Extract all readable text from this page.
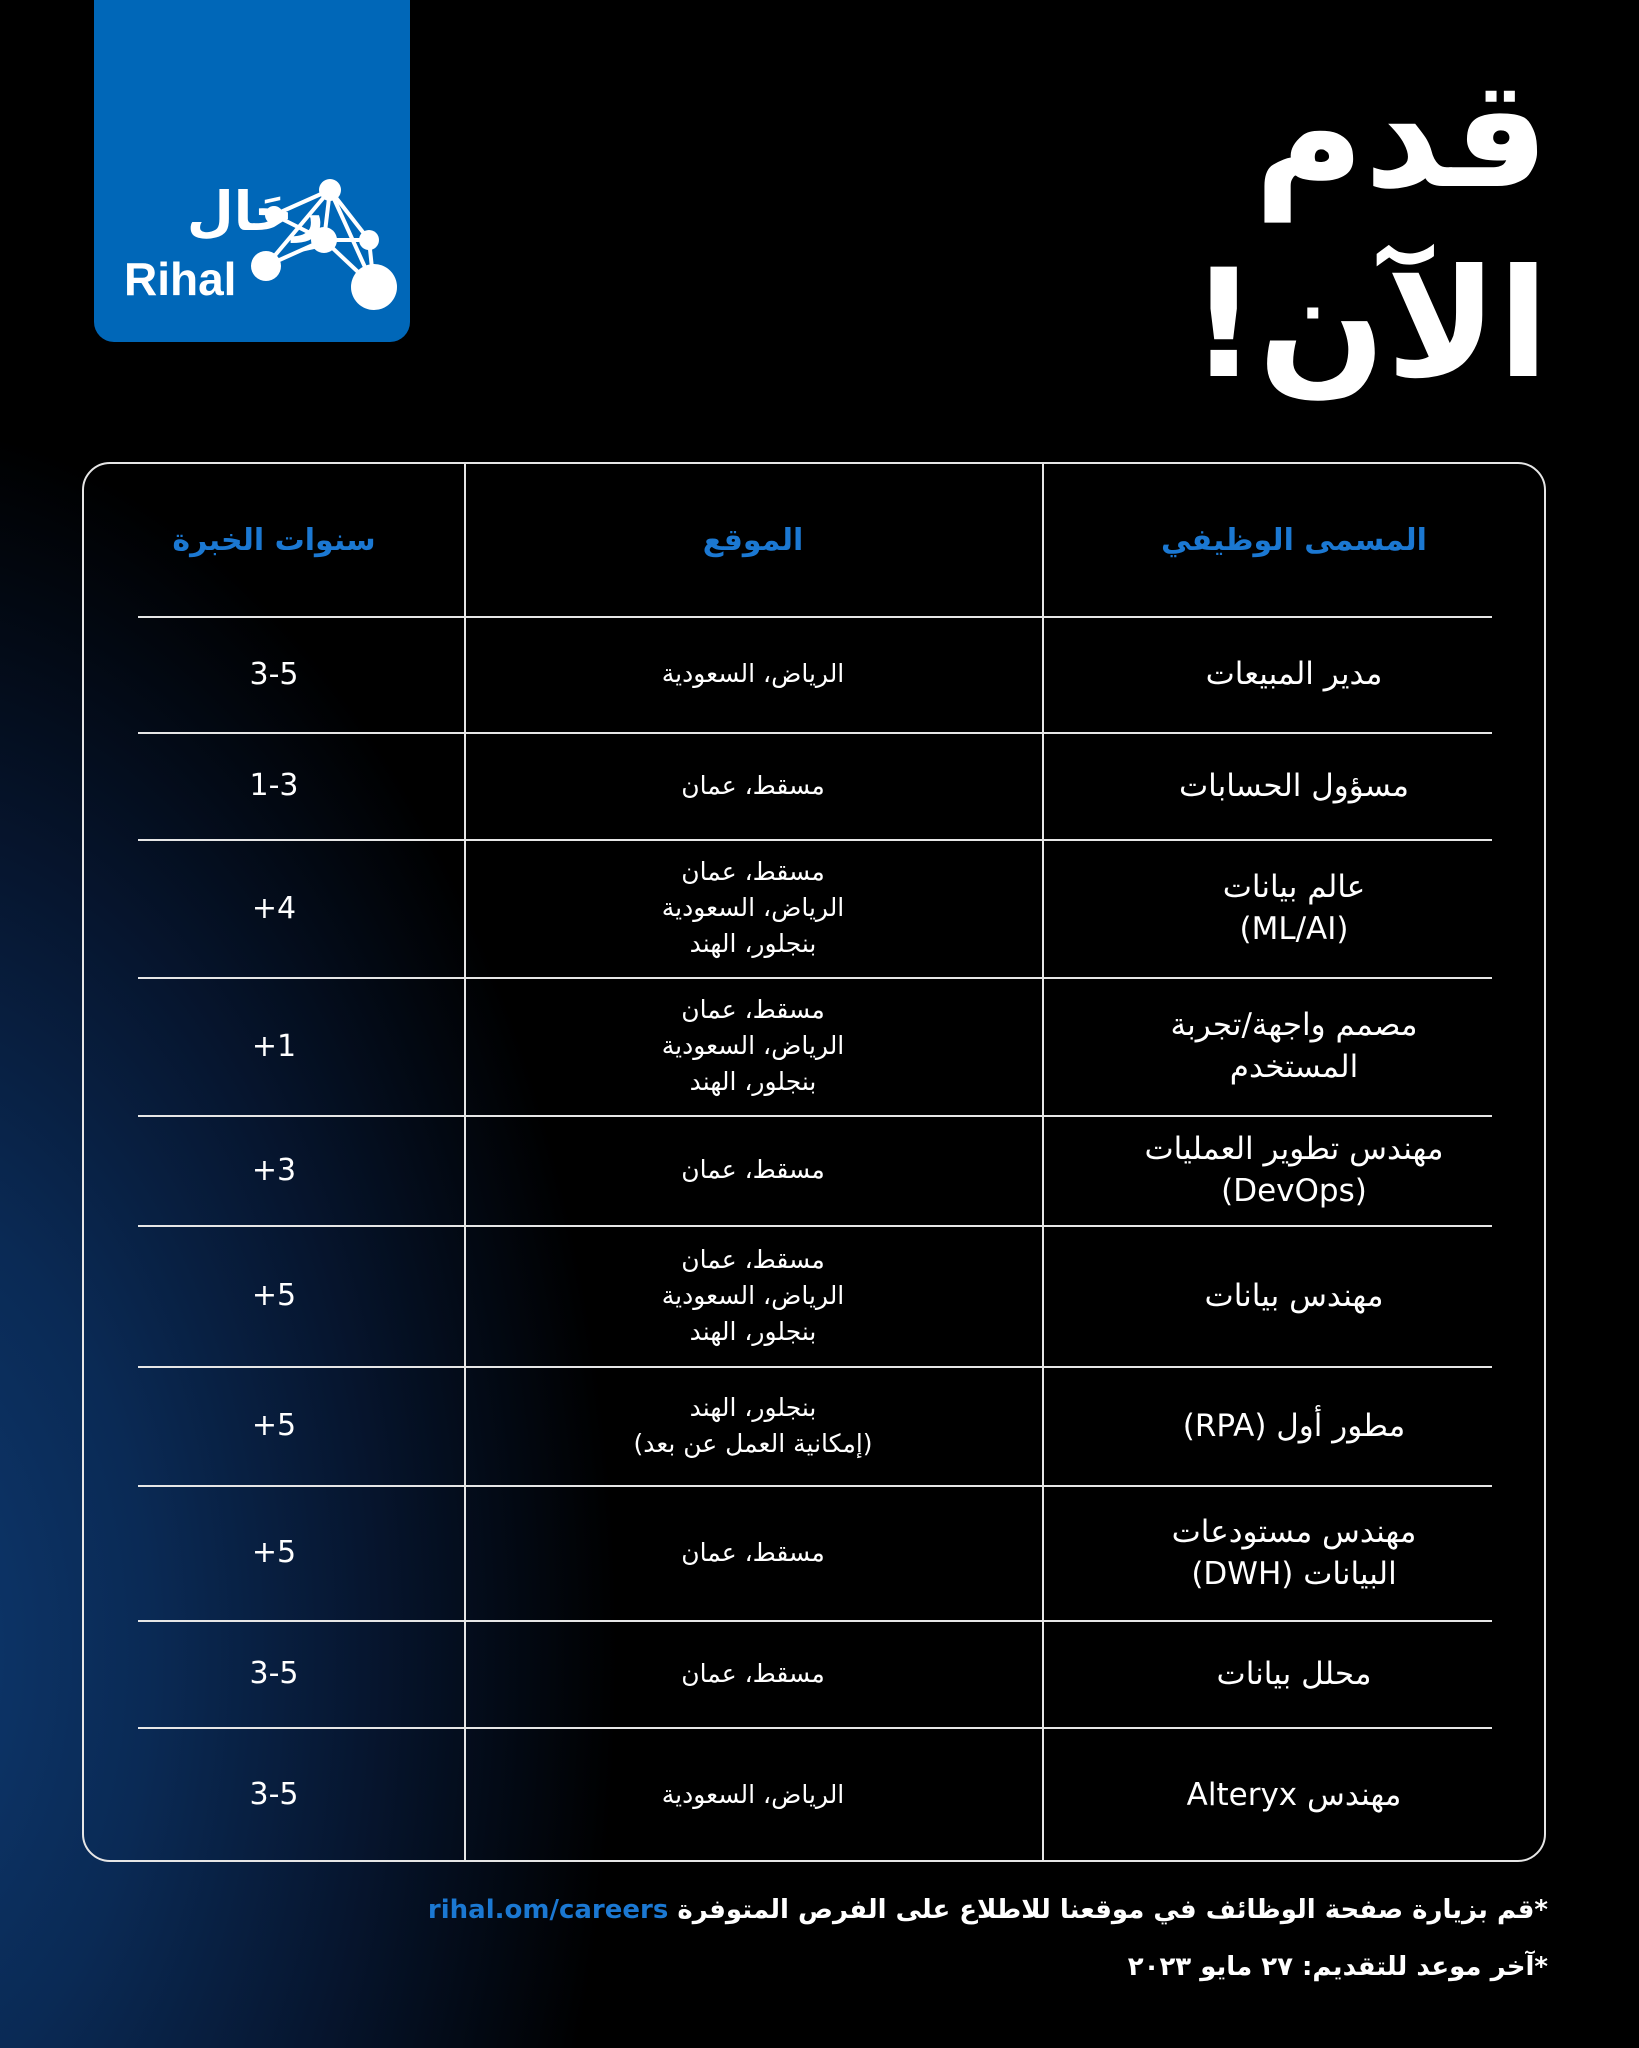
رِحَال
Rihal
قدم
الآن!
المسمى الوظيفي
الموقع
سنوات الخبرة
مدير المبيعات
الرياض، السعودية
3-5
مسؤول الحسابات
مسقط، عمان
1-3
عالم بيانات
(ML/AI)
مسقط، عمان
الرياض، السعودية
بنجلور، الهند
+4
مصمم واجهة/تجربة
المستخدم
مسقط، عمان
الرياض، السعودية
بنجلور، الهند
+1
مهندس تطوير العمليات
(DevOps)
مسقط، عمان
+3
مهندس بيانات
مسقط، عمان
الرياض، السعودية
بنجلور، الهند
+5
مطور أول (RPA)
بنجلور، الهند
(إمكانية العمل عن بعد)
+5
مهندس مستودعات
البيانات (DWH)
مسقط، عمان
+5
محلل بيانات
مسقط، عمان
3-5
مهندس Alteryx
الرياض، السعودية
3-5
*قم بزيارة صفحة الوظائف في موقعنا للاطلاع على الفرص المتوفرة rihal.om/careers
*آخر موعد للتقديم: ٢٧ مايو ٢٠٢٣
